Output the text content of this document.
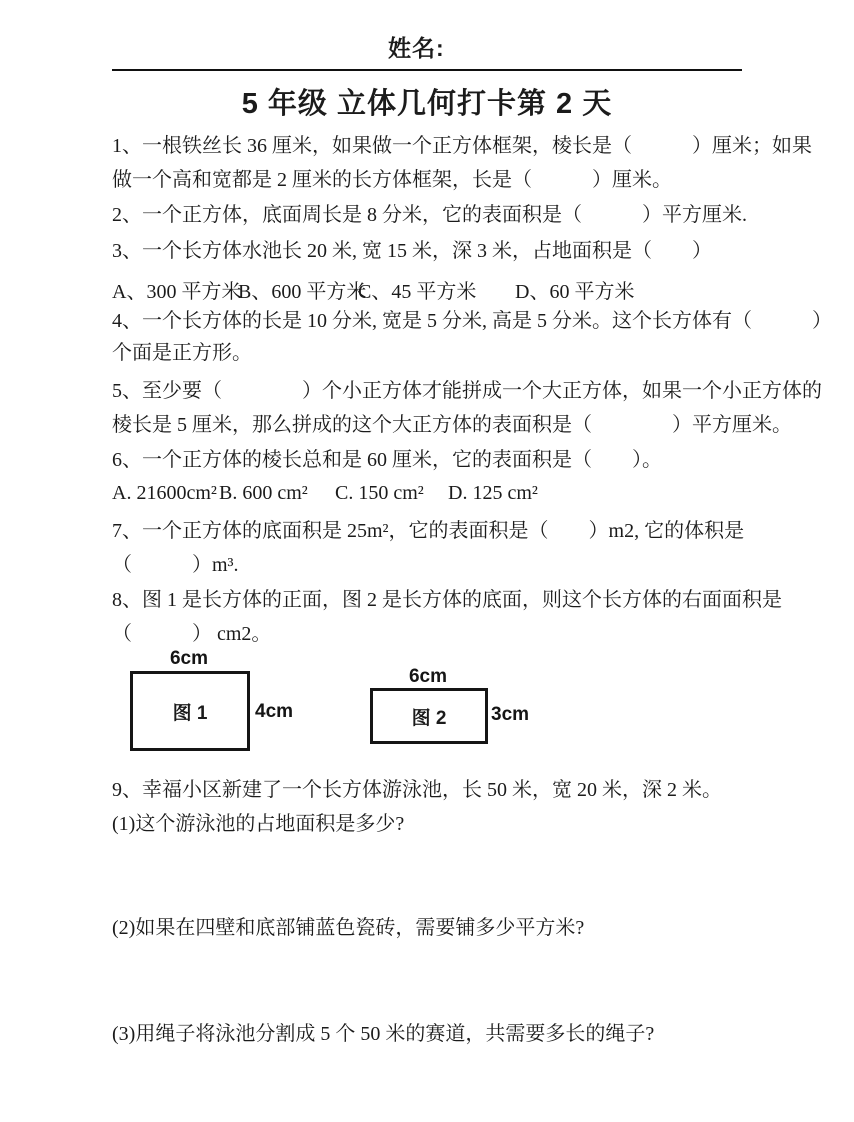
姓名:
5 年级 立体几何打卡第 2 天
1、一根铁丝长 36 厘米，如果做一个正方体框架，棱长是（　　　）厘米；如果
做一个高和宽都是 2 厘米的长方体框架，长是（　　　）厘米。
2、一个正方体，底面周长是 8 分米，它的表面积是（　　　）平方厘米.
3、一个长方体水池长 20 米, 宽 15 米，深 3 米，占地面积是（　　）
A、300 平方米
B、600 平方米
C、45 平方米 D、60 平方米
4、一个长方体的长是 10 分米, 宽是 5 分米, 高是 5 分米。这个长方体有（　　　）
个面是正方形。
5、至少要（　　　　）个小正方体才能拼成一个大正方体，如果一个小正方体的
棱长是 5 厘米，那么拼成的这个大正方体的表面积是（　　　　）平方厘米。
6、一个正方体的棱长总和是 60 厘米，它的表面积是（　　）。
A. 21600cm² B. 600 cm² C. 150 cm² D. 125 cm²
7、一个正方体的底面积是 25m²，它的表面积是（　　）m2, 它的体积是
（　　　）m³.
8、图 1 是长方体的正面，图 2 是长方体的底面，则这个长方体的右面面积是
（　　　） cm2。
6cm
图 1	4cm
6cm
图 2 3cm
9、幸福小区新建了一个长方体游泳池，长 50 米，宽 20 米，深 2 米。
(1)这个游泳池的占地面积是多少?
(2)如果在四壁和底部铺蓝色瓷砖，需要铺多少平方米?
(3)用绳子将泳池分割成 5 个 50 米的赛道，共需要多长的绳子?
